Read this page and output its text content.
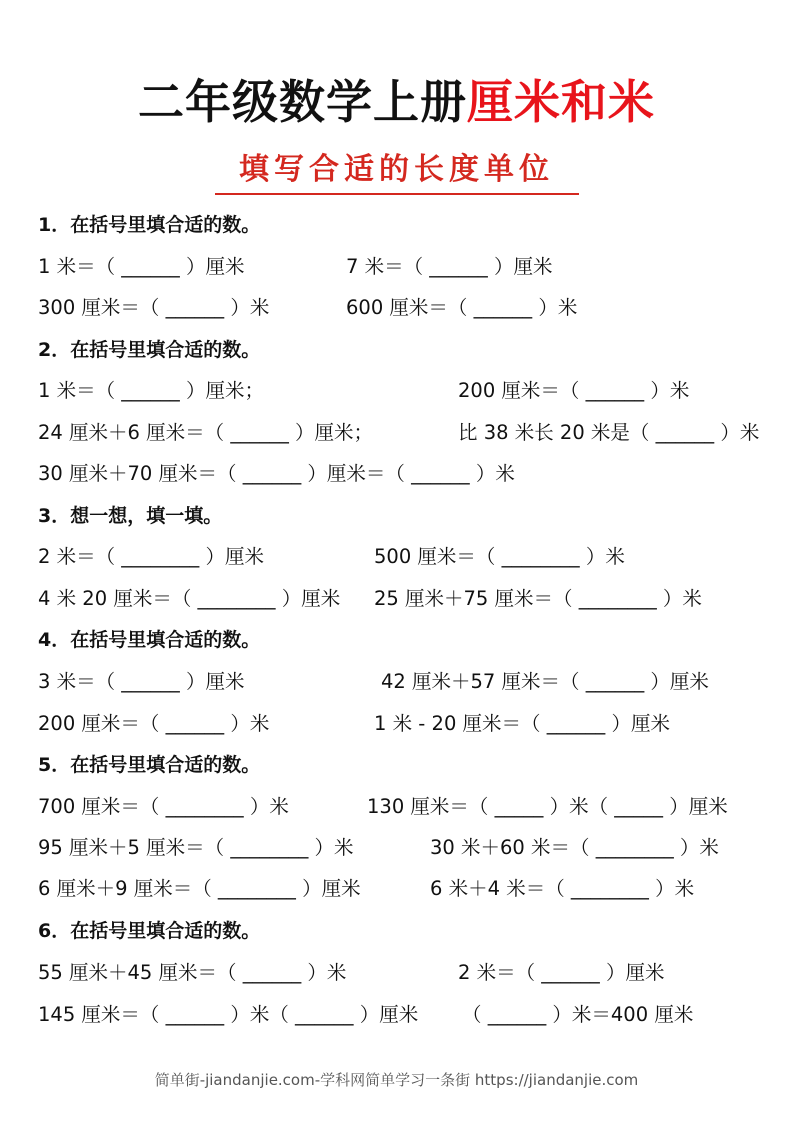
二年级数学上册厘米和米
填写合适的长度单位
1．在括号里填合适的数。
1 米＝（ ______ ）厘米	7 米＝（ ______ ）厘米
300 厘米＝（ ______ ）米	600 厘米＝（ ______ ）米
2．在括号里填合适的数。
1 米＝（ ______ ）厘米；	200 厘米＝（ ______ ）米
24 厘米＋6 厘米＝（ ______ ）厘米；	比 38 米长 20 米是（ ______ ）米
30 厘米＋70 厘米＝（ ______ ）厘米＝（ ______ ）米
3．想一想，填一填。
2 米＝（ ________ ）厘米	500 厘米＝（ ________ ）米
4 米 20 厘米＝（ ________ ）厘米 25 厘米＋75 厘米＝（ ________ ）米
4．在括号里填合适的数。
3 米＝（ ______ ）厘米	42 厘米＋57 厘米＝（ ______ ）厘米
200 厘米＝（ ______ ）米	1 米 - 20 厘米＝（ ______ ）厘米
5．在括号里填合适的数。
700 厘米＝（ ________ ）米	130 厘米＝（ _____ ）米（ _____ ）厘米
95 厘米＋5 厘米＝（ ________ ）米	30 米＋60 米＝（ ________ ）米
6 厘米＋9 厘米＝（ ________ ）厘米	6 米＋4 米＝（ ________ ）米
6．在括号里填合适的数。
55 厘米＋45 厘米＝（ ______ ）米	2 米＝（ ______ ）厘米
145 厘米＝（ ______ ）米（ ______ ）厘米 （ ______ ）米＝400 厘米
简单街-jiandanjie.com-学科网简单学习一条街 https://jiandanjie.com
